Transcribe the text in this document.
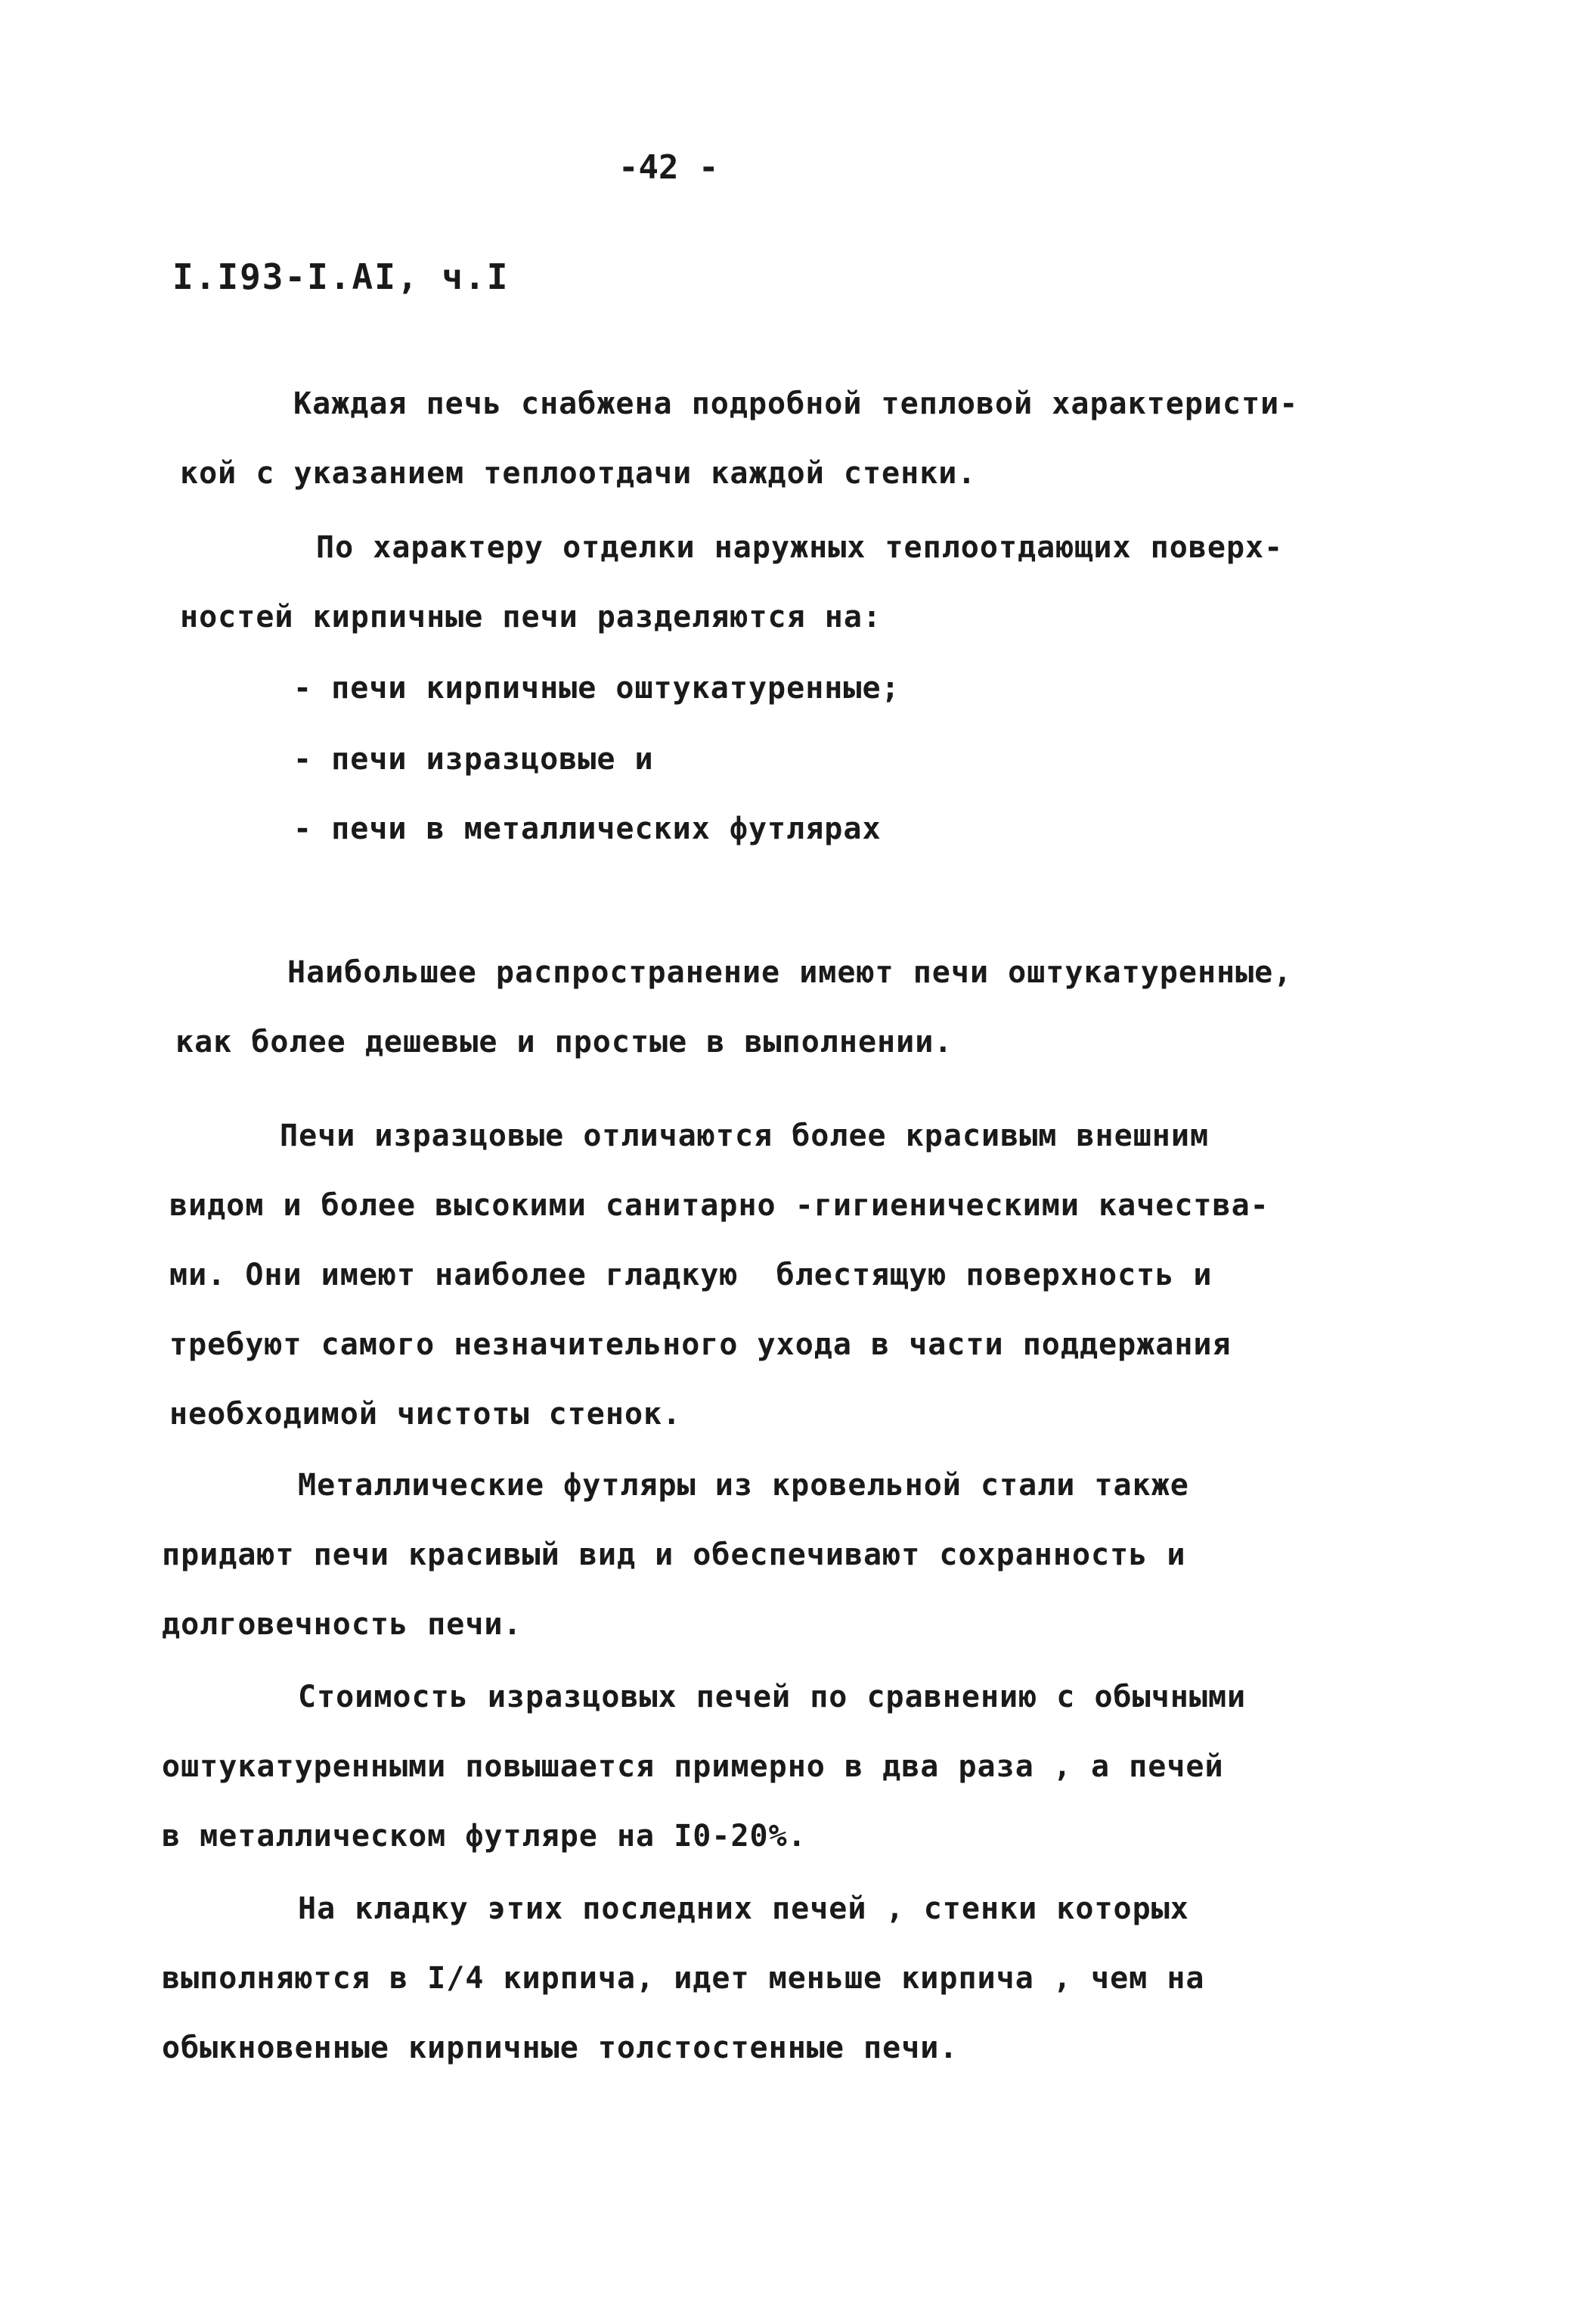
-42 -
I.I93-I.AI, ч.I
Каждая печь снабжена подробной тепловой характеристи-
кой с указанием теплоотдачи каждой стенки.
По характеру отделки наружных теплоотдающих поверх-
ностей кирпичные печи разделяются на:
- печи кирпичные оштукатуренные;
- печи изразцовые и
- печи в металлических футлярах
Наибольшее распространение имеют печи оштукатуренные,
как более дешевые и простые в выполнении.
Печи изразцовые отличаются более красивым внешним
видом и более высокими санитарно -гигиеническими качества-
ми. Они имеют наиболее гладкую  блестящую поверхность и
требуют самого незначительного ухода в части поддержания
необходимой чистоты стенок.
Металлические футляры из кровельной стали также
придают печи красивый вид и обеспечивают сохранность и
долговечность печи.
Стоимость изразцовых печей по сравнению с обычными
оштукатуренными повышается примерно в два раза , а печей
в металлическом футляре на I0-20%.
На кладку этих последних печей , стенки которых
выполняются в I/4 кирпича, идет меньше кирпича , чем на
обыкновенные кирпичные толстостенные печи.
